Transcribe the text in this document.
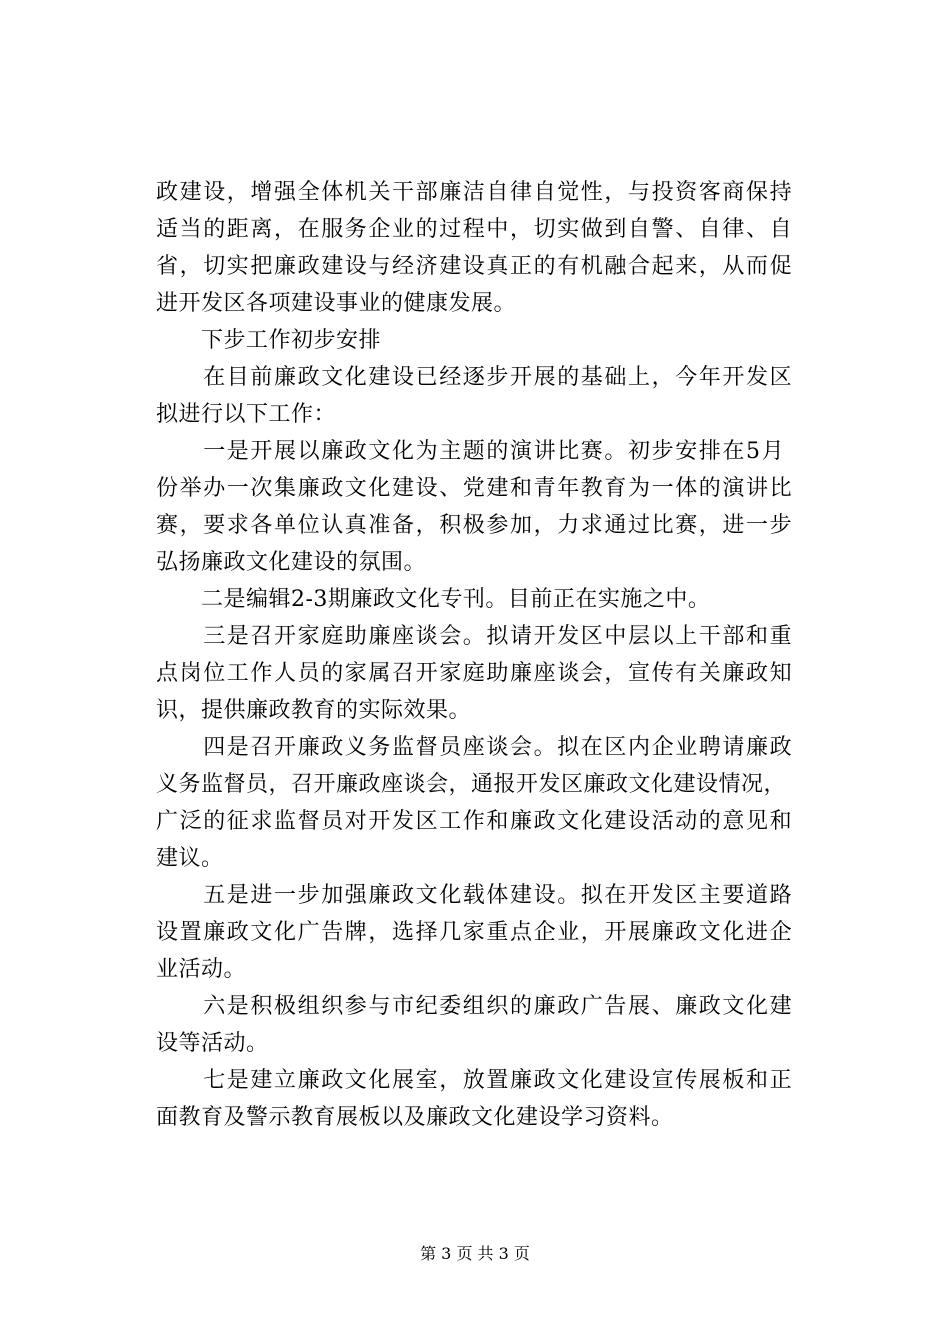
政建设，增强全体机关干部廉洁自律自觉性，与投资客商保持
适当的距离，在服务企业的过程中，切实做到自警、自律、自
省，切实把廉政建设与经济建设真正的有机融合起来，从而促
进开发区各项建设事业的健康发展。
　　下步工作初步安排
　　在目前廉政文化建设已经逐步开展的基础上，今年开发区
拟进行以下工作：
　　一是开展以廉政文化为主题的演讲比赛。初步安排在5月
份举办一次集廉政文化建设、党建和青年教育为一体的演讲比
赛，要求各单位认真准备，积极参加，力求通过比赛，进一步
弘扬廉政文化建设的氛围。
　　二是编辑2-3期廉政文化专刊。目前正在实施之中。
　　三是召开家庭助廉座谈会。拟请开发区中层以上干部和重
点岗位工作人员的家属召开家庭助廉座谈会，宣传有关廉政知
识，提供廉政教育的实际效果。
　　四是召开廉政义务监督员座谈会。拟在区内企业聘请廉政
义务监督员，召开廉政座谈会，通报开发区廉政文化建设情况，
广泛的征求监督员对开发区工作和廉政文化建设活动的意见和
建议。
　　五是进一步加强廉政文化载体建设。拟在开发区主要道路
设置廉政文化广告牌，选择几家重点企业，开展廉政文化进企
业活动。
　　六是积极组织参与市纪委组织的廉政广告展、廉政文化建
设等活动。
　　七是建立廉政文化展室，放置廉政文化建设宣传展板和正
面教育及警示教育展板以及廉政文化建设学习资料。
第 3 页 共 3 页
